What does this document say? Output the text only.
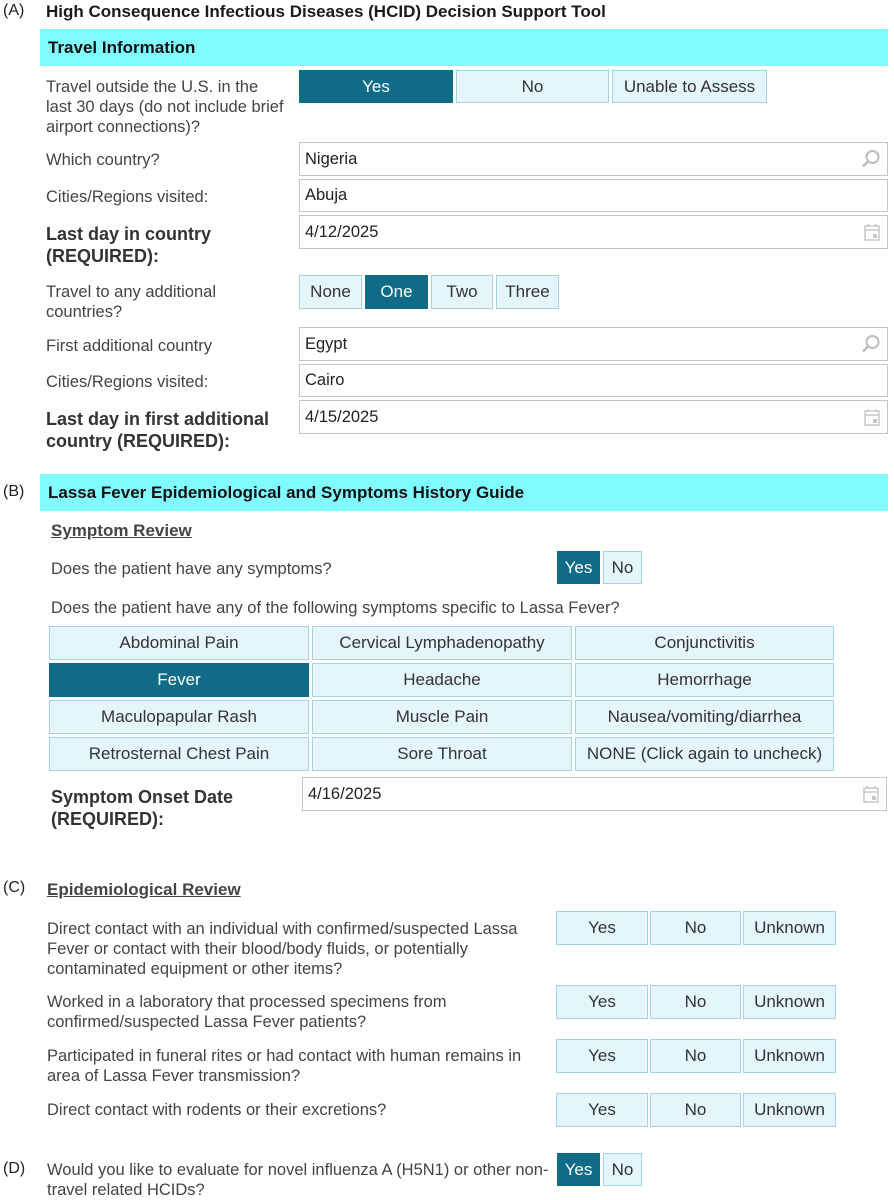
(A) High Consequence Infectious Diseases (HCID) Decision Support Tool
Travel Information
Travel outside the U.S. in the last 30 days (do not include brief airport connections)?
Yes	No	Unable to Assess
Which country?	Nigeria
Cities/Regions visited:	Abuja
Last day in country (REQUIRED):
4/12/2025
Travel to any additional countries?
None	One	Two	Three
First additional country	Egypt
Cities/Regions visited:	Cairo
Last day in first additional country (REQUIRED):
4/15/2025
(B) Lassa Fever Epidemiological and Symptoms History Guide
Symptom Review
Does the patient have any symptoms?	Yes	No
Does the patient have any of the following symptoms specific to Lassa Fever?
Abdominal Pain	Cervical Lymphadenopathy	Conjunctivitis
Fever	Headache	Hemorrhage
Maculopapular Rash	Muscle Pain	Nausea/vomiting/diarrhea
Retrosternal Chest Pain	Sore Throat	NONE (Click again to uncheck)
Symptom Onset Date (REQUIRED):
4/16/2025
(C) Epidemiological Review
Direct contact with an individual with confirmed/suspected Lassa Fever or contact with their blood/body fluids, or potentially contaminated equipment or other items?
Yes	No	Unknown
Worked in a laboratory that processed specimens from confirmed/suspected Lassa Fever patients?
Yes	No	Unknown
Participated in funeral rites or had contact with human remains in area of Lassa Fever transmission?
Yes	No	Unknown
Direct contact with rodents or their excretions?	Yes	No	Unknown
(D) Would you like to evaluate for novel influenza A (H5N1) or other non-travel related HCIDs?
Yes	No
